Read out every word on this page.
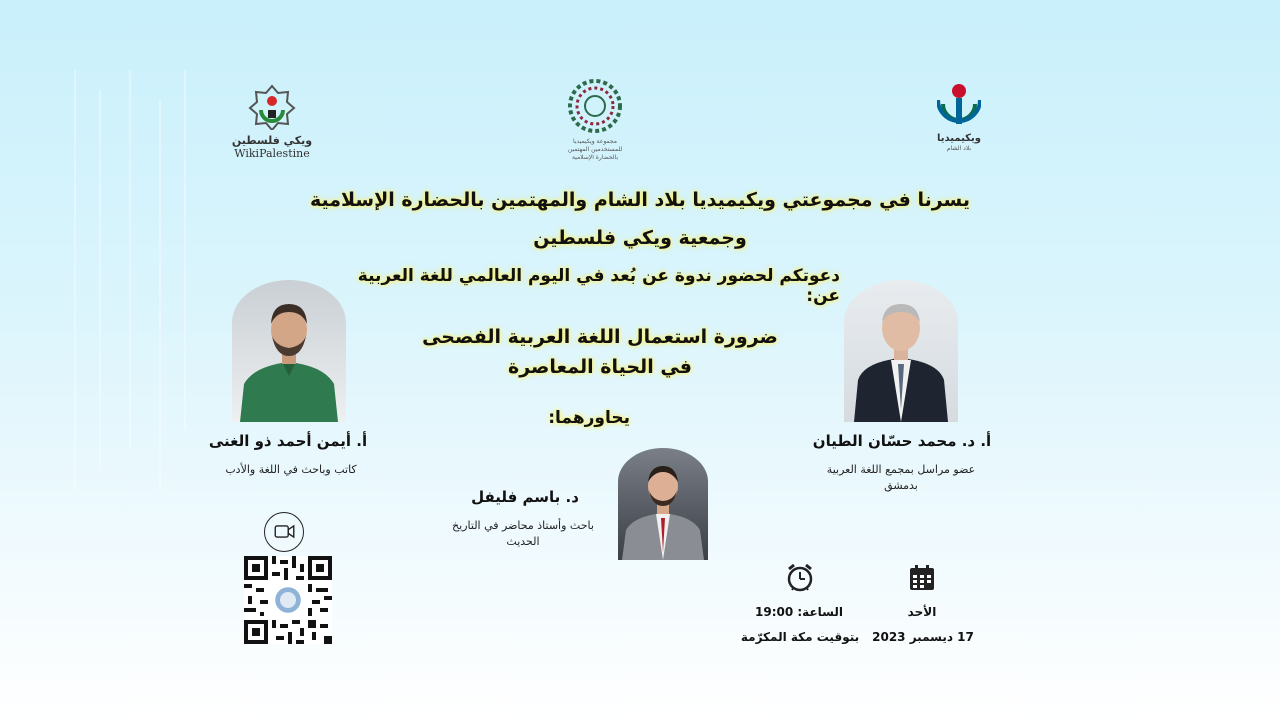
ويكي فلسطين
WikiPalestine
مجموعة ويكيميديا
للمستخدمين المهتمين
بالحضارة الإسلامية
ويكيميديا
بلاد الشام
يسرنا في مجموعتي ويكيميديا بلاد الشام والمهتمين بالحضارة الإسلامية
وجمعية ويكي فلسطين
دعوتكم لحضور ندوة عن بُعد في اليوم العالمي للغة العربية عن:
ضرورة استعمال اللغة العربية الفصحى
في الحياة المعاصرة
يحاورهما:
أ. د. محمد حسّان الطيان
عضو مراسل بمجمع اللغة العربية
بدمشق
أ. أيمن أحمد ذو الغنى
كاتب وباحث في اللغة والأدب
د. باسم فليفل
باحث وأستاذ محاضر في التاريخ
الحديث
الأحد
17 ديسمبر 2023
الساعة: 19:00
بتوقيت مكة المكرّمة
